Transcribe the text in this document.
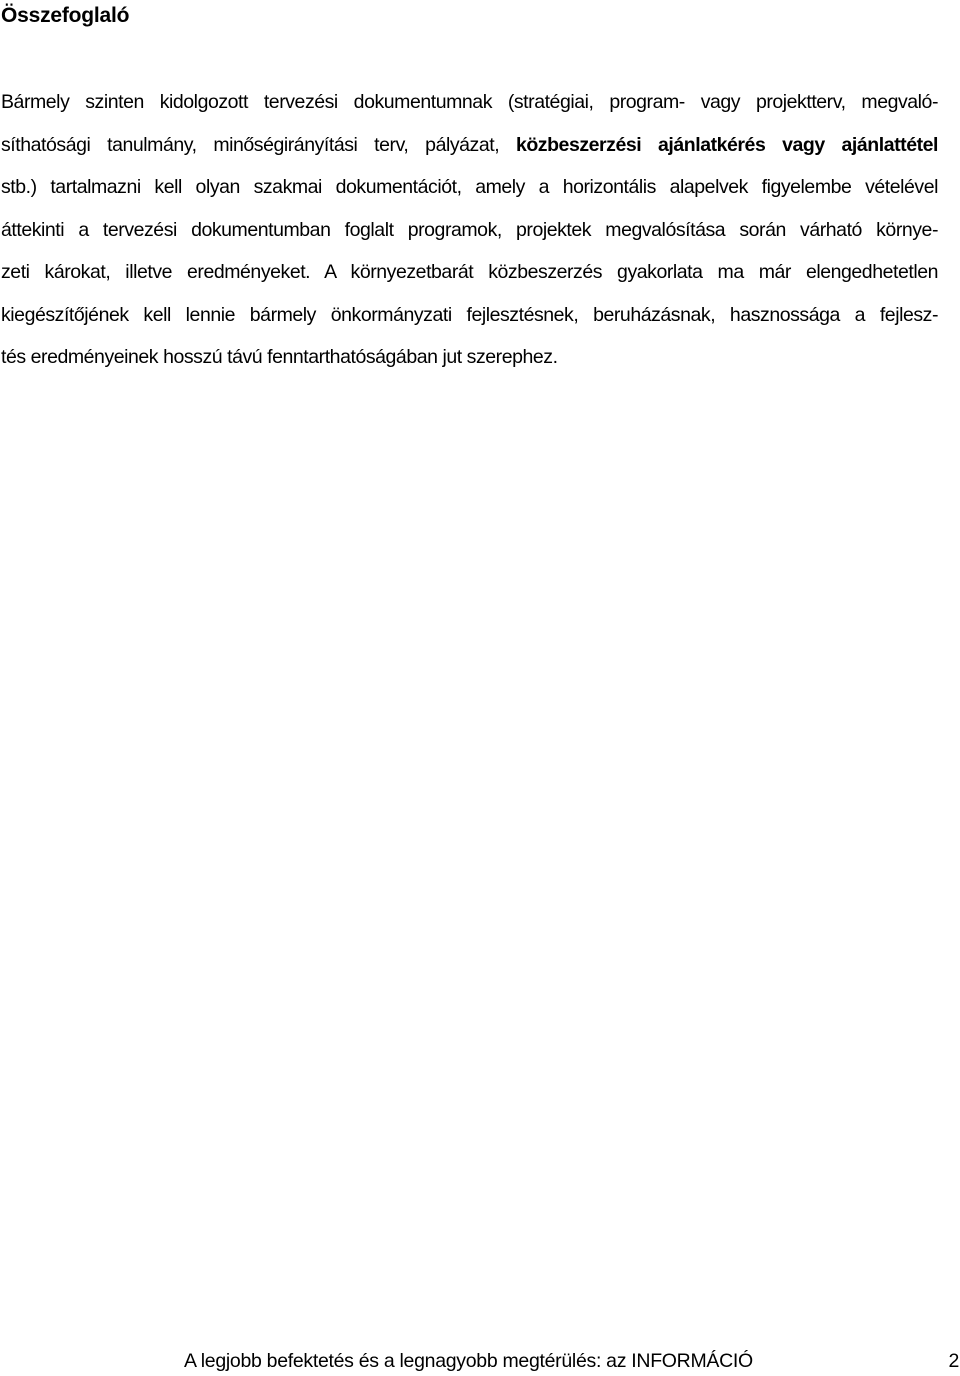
Összefoglaló
Bármely szinten kidolgozott tervezési dokumentumnak (stratégiai, program- vagy projektterv, megvaló-
síthatósági tanulmány, minőségirányítási terv, pályázat, közbeszerzési ajánlatkérés vagy ajánlattétel
stb.) tartalmazni kell olyan szakmai dokumentációt, amely a horizontális alapelvek figyelembe vételével
áttekinti a tervezési dokumentumban foglalt programok, projektek megvalósítása során várható környe-
zeti károkat, illetve eredményeket. A környezetbarát közbeszerzés gyakorlata ma már elengedhetetlen
kiegészítőjének kell lennie bármely önkormányzati fejlesztésnek, beruházásnak, hasznossága a fejlesz-
tés eredményeinek hosszú távú fenntarthatóságában jut szerephez.
A legjobb befektetés és a legnagyobb megtérülés: az INFORMÁCIÓ	2
